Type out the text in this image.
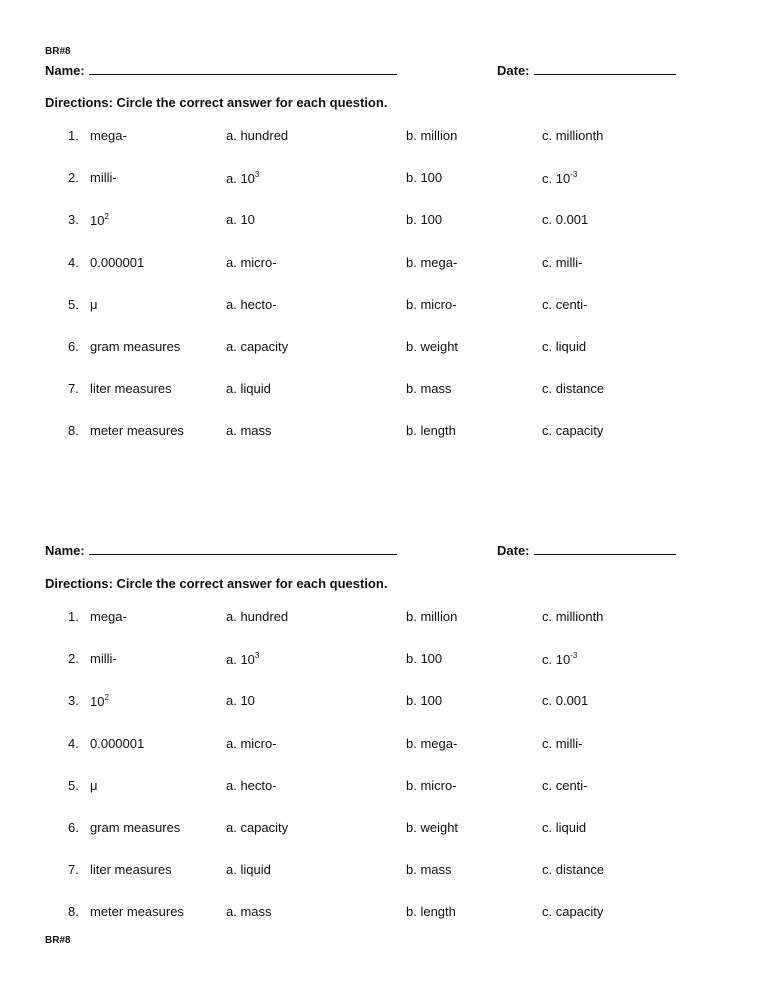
BR#8
Name:	Date:
Directions: Circle the correct answer for each question.
1. mega-	a. hundred	b. million	c. millionth
2. milli-	a. $10^3$	b. 100	c. $10^{-3}$
3. $10^2$	a. 10	b. 100	c. 0.001
4. 0.000001	a. micro-	b. mega-	c. milli-
5. μ	a. hecto-	b. micro-	c. centi-
6. gram measures	a. capacity	b. weight	c. liquid
7. liter measures	a. liquid	b. mass	c. distance
8. meter measures	a. mass	b. length	c. capacity
Name:	Date:
Directions: Circle the correct answer for each question.
1. mega-	a. hundred	b. million	c. millionth
2. milli-	a. $10^3$	b. 100	c. $10^{-3}$
3. $10^2$	a. 10	b. 100	c. 0.001
4. 0.000001	a. micro-	b. mega-	c. milli-
5. μ	a. hecto-	b. micro-	c. centi-
6. gram measures	a. capacity	b. weight	c. liquid
7. liter measures	a. liquid	b. mass	c. distance
8. meter measures	a. mass	b. length	c. capacity
BR#8
